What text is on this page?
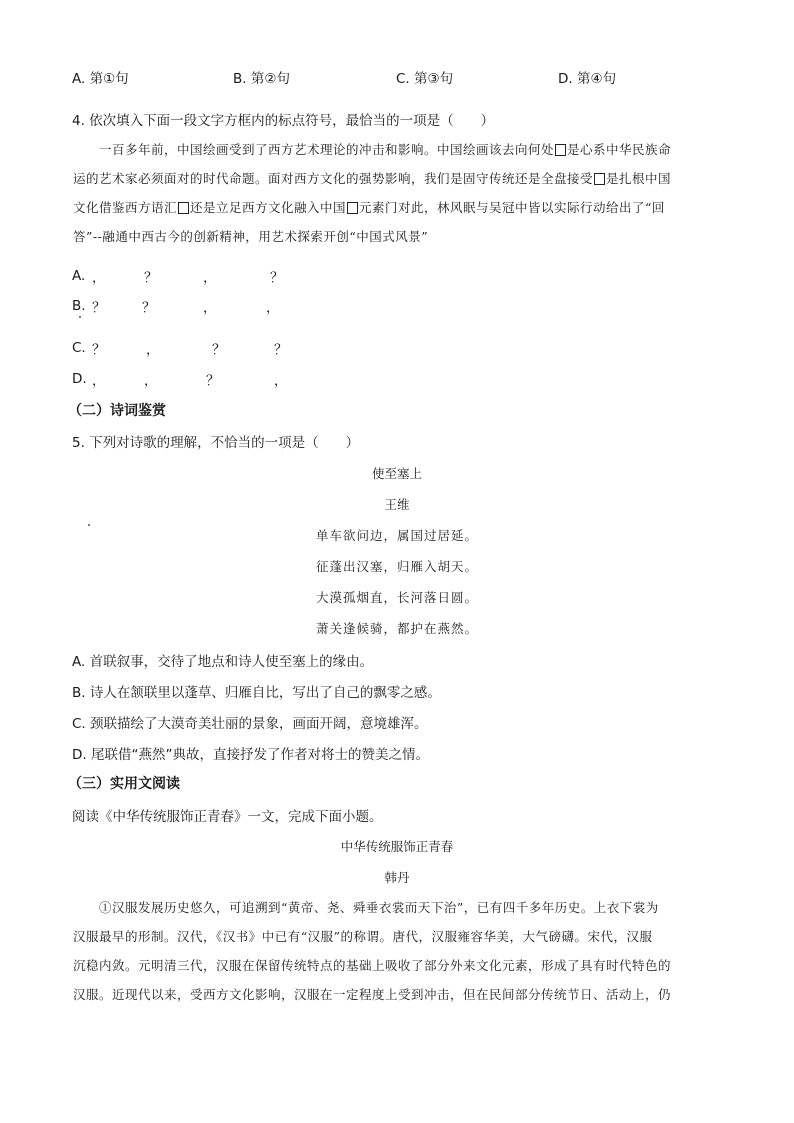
A. 第①句	B. 第②句	C. 第③句	D. 第④句
4. 依次填入下面一段文字方框内的标点符号，最恰当的一项是（　　）
一百多年前，中国绘画受到了西方艺术理论的冲击和影响。中国绘画该去向何处 是心系中华民族命
运的艺术家必须面对的时代命题。面对西方文化的强势影响，我们是固守传统还是全盘接受 是扎根中国
文化借鉴西方语汇 还是立足西方文化融入中国 元素门对此，林风眠与吴冠中皆以实际行动给出了“回
答”--融通中西古今的创新精神，用艺术探索开创“中国式风景”
A. ，	？	，	？
B. ？	？	，	，
C. ？	，	？	？
D. ，	，	？	，
（二）诗词鉴赏
5. 下列对诗歌的理解，不恰当的一项是（　　）
使至塞上
王维
单车欲问边，属国过居延。
征蓬出汉塞，归雁入胡天。
大漠孤烟直，长河落日圆。
萧关逢候骑，都护在燕然。
A. 首联叙事，交待了地点和诗人使至塞上的缘由。
B. 诗人在颔联里以蓬草、归雁自比，写出了自己的飘零之感。
C. 颈联描绘了大漠奇美壮丽的景象，画面开阔，意境雄浑。
D. 尾联借“燕然”典故，直接抒发了作者对将士的赞美之情。
（三）实用文阅读
阅读《中华传统服饰正青春》一文，完成下面小题。
中华传统服饰正青春
韩丹
①汉服发展历史悠久，可追溯到“黄帝、尧、舜垂衣裳而天下治”，已有四千多年历史。上衣下裳为
汉服最早的形制。汉代，《汉书》中已有“汉服”的称谓。唐代，汉服雍容华美，大气磅礴。宋代，汉服
沉稳内敛。元明清三代，汉服在保留传统特点的基础上吸收了部分外来文化元素，形成了具有时代特色的
汉服。近现代以来，受西方文化影响，汉服在一定程度上受到冲击，但在民间部分传统节日、活动上，仍
